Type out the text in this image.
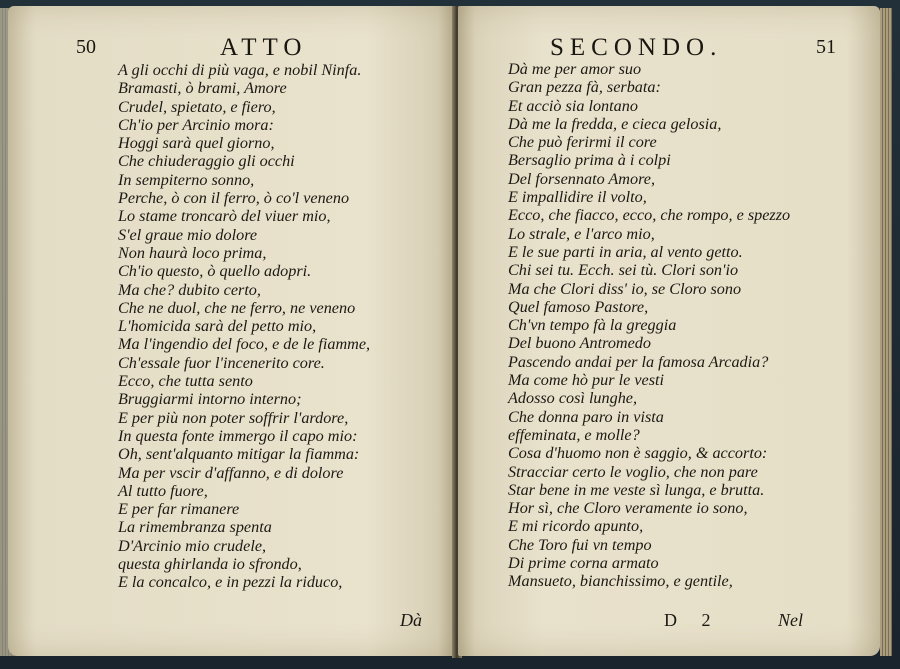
50	ATTO
A gli occhi di più vaga, e nobil Ninfa.
Bramasti, ò brami, Amore
Crudel, spietato, e fiero,
Ch'io per Arcinio mora:
Hoggi sarà quel giorno,
Che chiuderaggio gli occhi
In sempiterno sonno,
Perche, ò con il ferro, ò co'l veneno
Lo stame troncarò del viuer mio,
S'el graue mio dolore
Non haurà loco prima,
Ch'io questo, ò quello adopri.
Ma che? dubito certo,
Che ne duol, che ne ferro, ne veneno
L'homicida sarà del petto mio,
Ma l'ingendio del foco, e de le fiamme,
Ch'essale fuor l'incenerito core.
Ecco, che tutta sento
Bruggiarmi intorno interno;
E per più non poter soffrir l'ardore,
In questa fonte immergo il capo mio:
Oh, sent'alquanto mitigar la fiamma:
Ma per vscir d'affanno, e di dolore
Al tutto fuore,
E per far rimanere
La rimembranza spenta
D'Arcinio mio crudele,
questa ghirlanda io sfrondo,
E la concalco, e in pezzi la riduco,
Dà
SECONDO.	51
Dà me per amor suo
Gran pezza fà, serbata:
Et acciò sia lontano
Dà me la fredda, e cieca gelosia,
Che può ferirmi il core
Bersaglio prima à i colpi
Del forsennato Amore,
E impallidire il volto,
Ecco, che fiacco, ecco, che rompo, e spezzo
Lo strale, e l'arco mio,
E le sue parti in aria, al vento getto.
Chi sei tu. Ecch. sei tù. Clori son'io
Ma che Clori diss' io, se Cloro sono
Quel famoso Pastore,
Ch'vn tempo fà la greggia
Del buono Antromedo
Pascendo andai per la famosa Arcadia?
Ma come hò pur le vesti
Adosso così lunghe,
Che donna paro in vista
effeminata, e molle?
Cosa d'huomo non è saggio, & accorto:
Stracciar certo le voglio, che non pare
Star bene in me veste sì lunga, e brutta.
Hor sì, che Cloro veramente io sono,
E mi ricordo apunto,
Che Toro fui vn tempo
Di prime corna armato
Mansueto, bianchissimo, e gentile,
D 2	Nel
